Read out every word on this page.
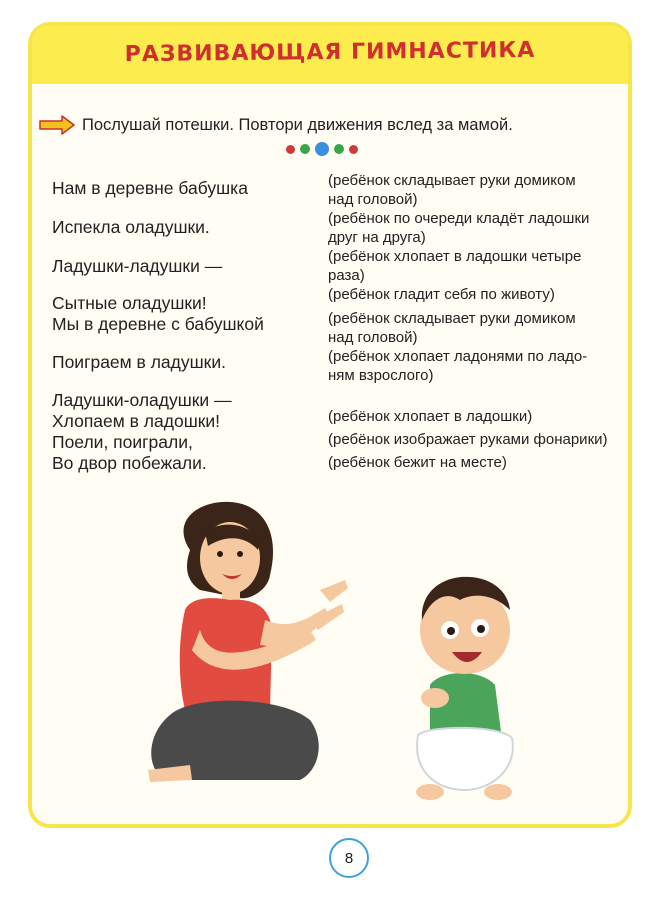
РАЗВИВАЮЩАЯ ГИМНАСТИКА
Послушай потешки. Повтори движения вслед за мамой.
Нам в деревне бабушка
Испекла оладушки.
Ладушки-ладушки —
Сытные оладушки!
Мы в деревне с бабушкой
Поиграем в ладушки.
Ладушки-оладушки —
Хлопаем в ладошки!
Поели, поиграли,
Во двор побежали.
(ребёнок складывает руки домиком
над головой)
(ребёнок по очереди кладёт ладошки
друг на друга)
(ребёнок хлопает в ладошки четыре
раза)
(ребёнок гладит себя по животу)
(ребёнок складывает руки домиком
над головой)
(ребёнок хлопает ладонями по ладо-
ням взрослого)
(ребёнок хлопает в ладошки)
(ребёнок изображает руками фонарики)
(ребёнок бежит на месте)
8
